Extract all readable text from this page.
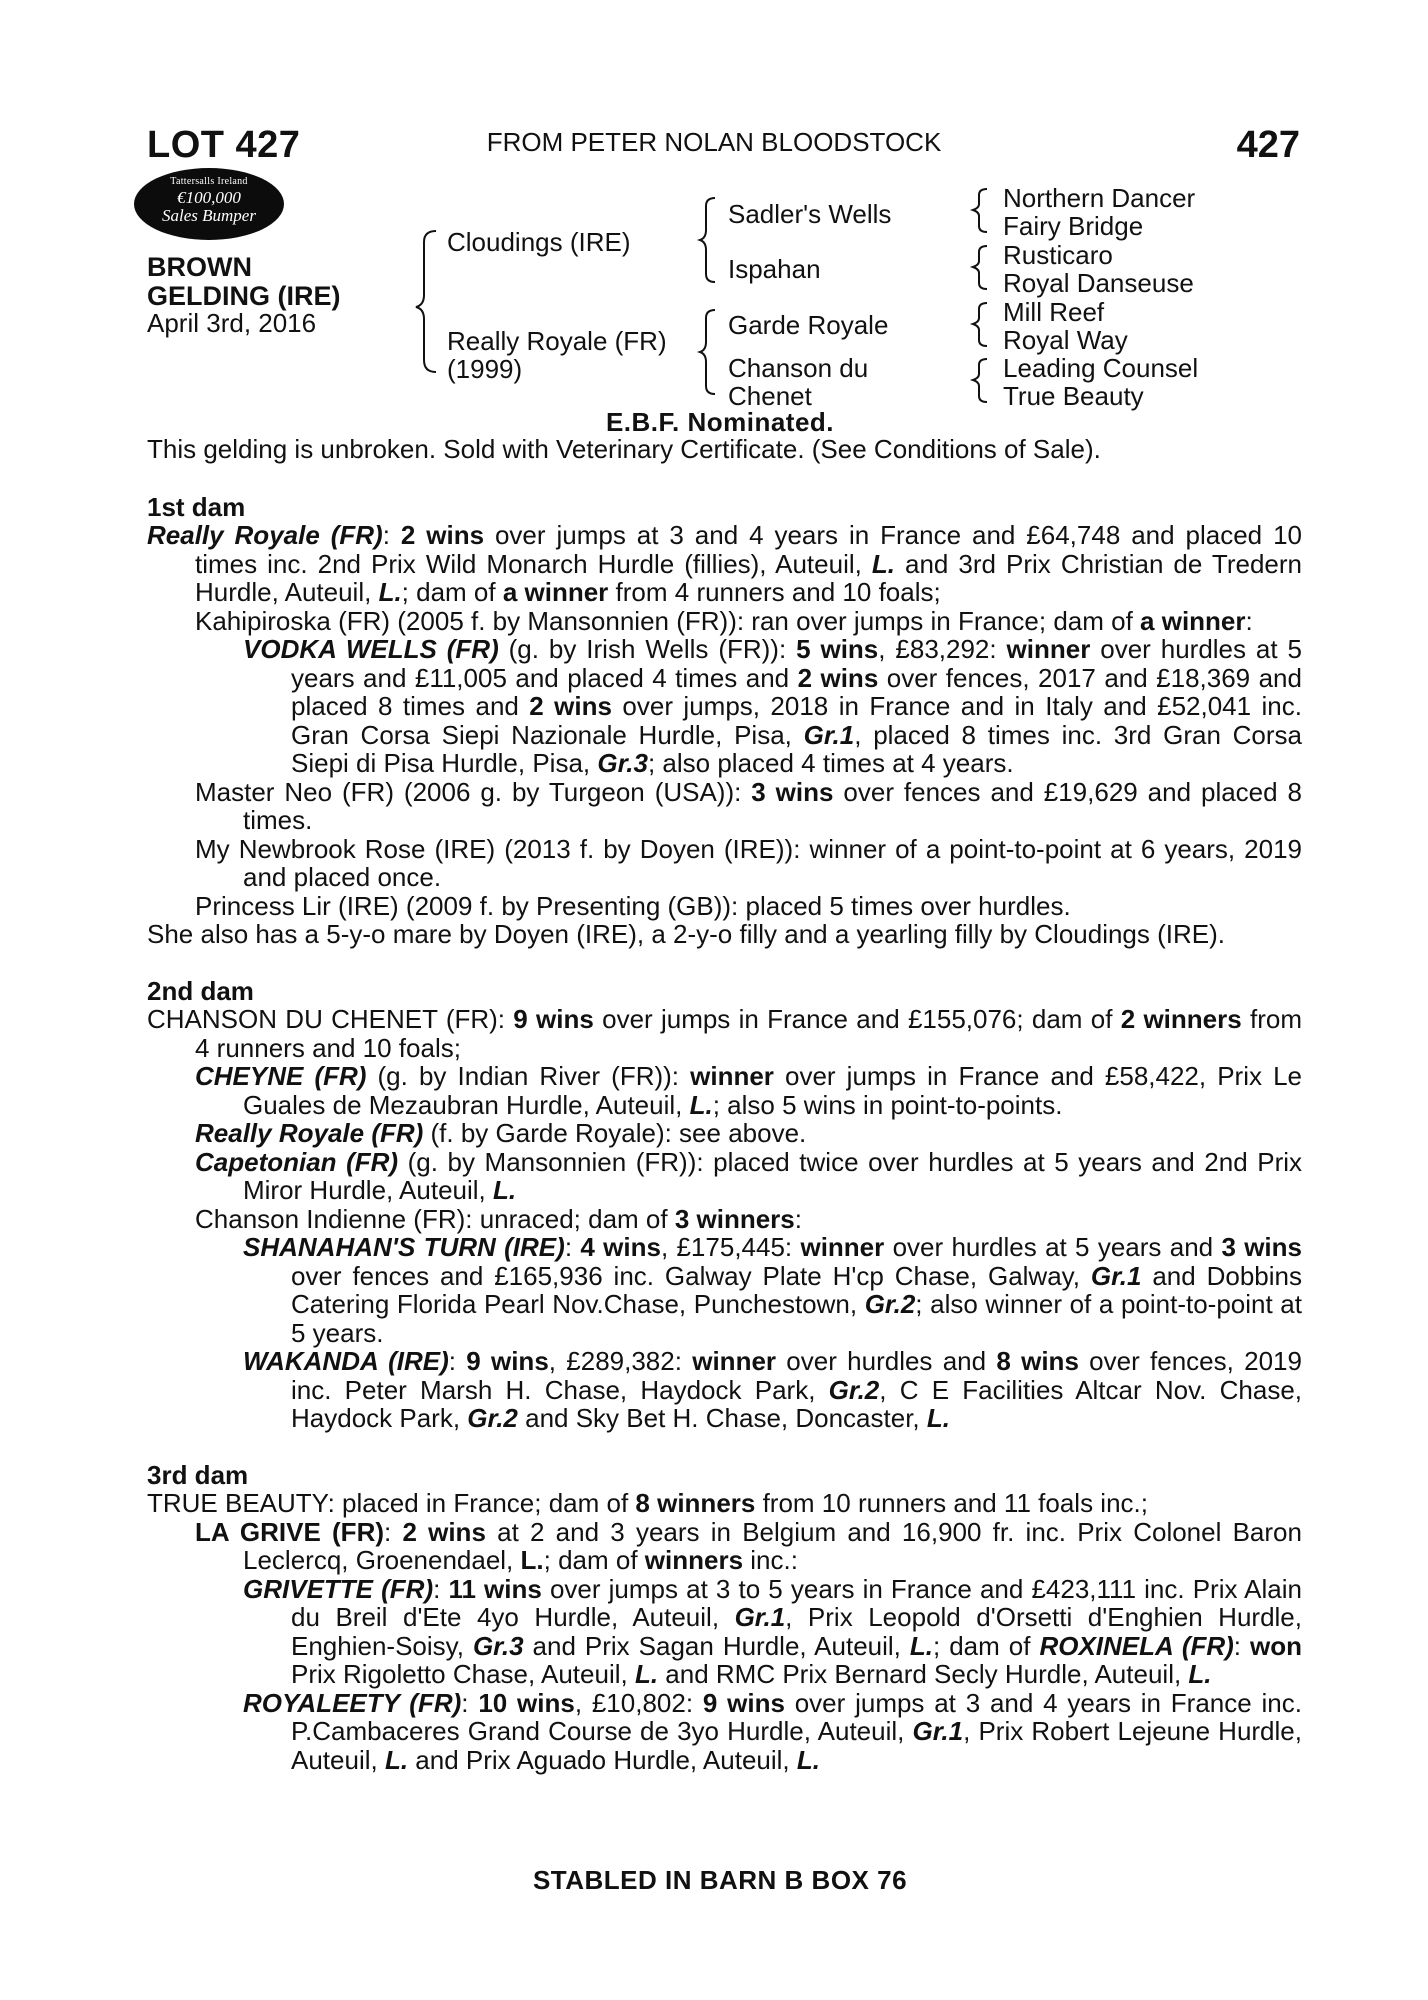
LOT 427	FROM PETER NOLAN BLOODSTOCK	427
Tattersalls Ireland
€100,000
Sales Bumper
BROWN
GELDING (IRE)
April 3rd, 2016
Cloudings (IRE)
Really Royale (FR)
(1999)
Sadler's Wells
Ispahan
Garde Royale
Chanson du
Chenet
Northern Dancer
Fairy Bridge
Rusticaro
Royal Danseuse
Mill Reef
Royal Way
Leading Counsel
True Beauty
E.B.F. Nominated.

This gelding is unbroken. Sold with Veterinary Certificate. (See Conditions of Sale).

1st dam

Really Royale (FR): 2 wins over jumps at 3 and 4 years in France and £64,748 and placed 10 times inc. 2nd Prix Wild Monarch Hurdle (fillies), Auteuil, L. and 3rd Prix Christian de Tredern Hurdle, Auteuil, L.; dam of a winner from 4 runners and 10 foals;

Kahipiroska (FR) (2005 f. by Mansonnien (FR)): ran over jumps in France; dam of a winner:

VODKA WELLS (FR) (g. by Irish Wells (FR)): 5 wins, £83,292: winner over hurdles at 5 years and £11,005 and placed 4 times and 2 wins over fences, 2017 and £18,369 and placed 8 times and 2 wins over jumps, 2018 in France and in Italy and £52,041 inc. Gran Corsa Siepi Nazionale Hurdle, Pisa, Gr.1, placed 8 times inc. 3rd Gran Corsa Siepi di Pisa Hurdle, Pisa, Gr.3; also placed 4 times at 4 years.

Master Neo (FR) (2006 g. by Turgeon (USA)): 3 wins over fences and £19,629 and placed 8 times.

My Newbrook Rose (IRE) (2013 f. by Doyen (IRE)): winner of a point-to-point at 6 years, 2019 and placed once.

Princess Lir (IRE) (2009 f. by Presenting (GB)): placed 5 times over hurdles.

She also has a 5-y-o mare by Doyen (IRE), a 2-y-o filly and a yearling filly by Cloudings (IRE).

2nd dam

CHANSON DU CHENET (FR): 9 wins over jumps in France and £155,076; dam of 2 winners from 4 runners and 10 foals;

CHEYNE (FR) (g. by Indian River (FR)): winner over jumps in France and £58,422, Prix Le Guales de Mezaubran Hurdle, Auteuil, L.; also 5 wins in point-to-points.

Really Royale (FR) (f. by Garde Royale): see above.

Capetonian (FR) (g. by Mansonnien (FR)): placed twice over hurdles at 5 years and 2nd Prix Miror Hurdle, Auteuil, L.

Chanson Indienne (FR): unraced; dam of 3 winners:

SHANAHAN'S TURN (IRE): 4 wins, £175,445: winner over hurdles at 5 years and 3 wins over fences and £165,936 inc. Galway Plate H'cp Chase, Galway, Gr.1 and Dobbins Catering Florida Pearl Nov.Chase, Punchestown, Gr.2; also winner of a point-to-point at 5 years.

WAKANDA (IRE): 9 wins, £289,382: winner over hurdles and 8 wins over fences, 2019 inc. Peter Marsh H. Chase, Haydock Park, Gr.2, C E Facilities Altcar Nov. Chase, Haydock Park, Gr.2 and Sky Bet H. Chase, Doncaster, L.

3rd dam

TRUE BEAUTY: placed in France; dam of 8 winners from 10 runners and 11 foals inc.;

LA GRIVE (FR): 2 wins at 2 and 3 years in Belgium and 16,900 fr. inc. Prix Colonel Baron Leclercq, Groenendael, L.; dam of winners inc.:

GRIVETTE (FR): 11 wins over jumps at 3 to 5 years in France and £423,111 inc. Prix Alain du Breil d'Ete 4yo Hurdle, Auteuil, Gr.1, Prix Leopold d'Orsetti d'Enghien Hurdle, Enghien-Soisy, Gr.3 and Prix Sagan Hurdle, Auteuil, L.; dam of ROXINELA (FR): won Prix Rigoletto Chase, Auteuil, L. and RMC Prix Bernard Secly Hurdle, Auteuil, L.

ROYALEETY (FR): 10 wins, £10,802: 9 wins over jumps at 3 and 4 years in France inc. P.Cambaceres Grand Course de 3yo Hurdle, Auteuil, Gr.1, Prix Robert Lejeune Hurdle, Auteuil, L. and Prix Aguado Hurdle, Auteuil, L.

STABLED IN BARN B BOX 76
